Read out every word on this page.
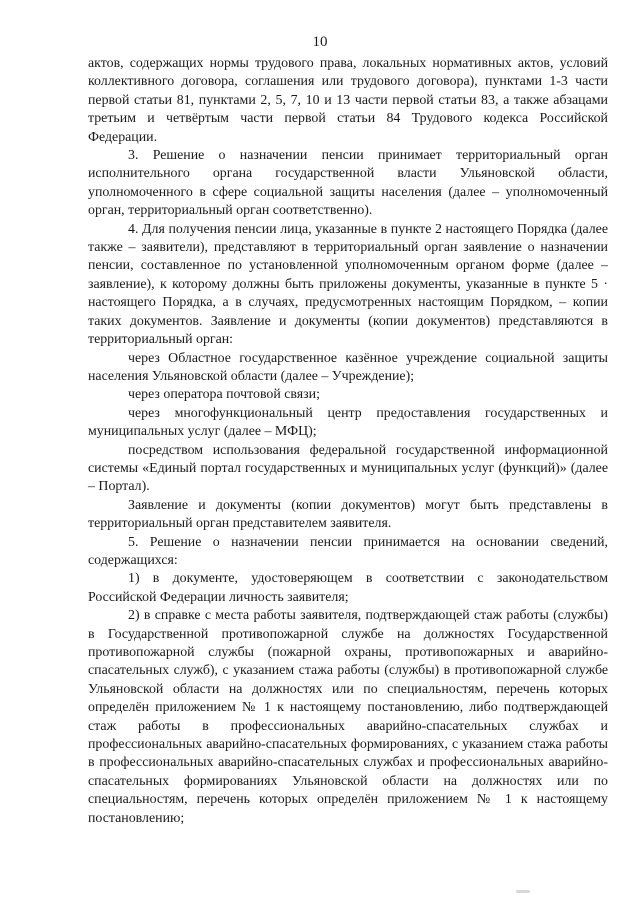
10

актов, содержащих нормы трудового права, локальных нормативных актов, условий коллективного договора, соглашения или трудового договора), пунктами 1-3 части первой статьи 81, пунктами 2, 5, 7, 10 и 13 части первой статьи 83, а также абзацами третьим и четвёртым части первой статьи 84 Трудового кодекса Российской Федерации.

3. Решение о назначении пенсии принимает территориальный орган исполнительного органа государственной власти Ульяновской области, уполномоченного в сфере социальной защиты населения (далее – уполномоченный орган, территориальный орган соответственно).

4. Для получения пенсии лица, указанные в пункте 2 настоящего Порядка (далее также – заявители), представляют в территориальный орган заявление о назначении пенсии, составленное по установленной уполномоченным органом форме (далее – заявление), к которому должны быть приложены документы, указанные в пункте 5 · настоящего Порядка, а в случаях, предусмотренных настоящим Порядком, – копии таких документов. Заявление и документы (копии документов) представляются в территориальный орган:

через Областное государственное казённое учреждение социальной защиты населения Ульяновской области (далее – Учреждение);

через оператора почтовой связи;

через многофункциональный центр предоставления государственных и муниципальных услуг (далее – МФЦ);

посредством использования федеральной государственной информационной системы «Единый портал государственных и муниципальных услуг (функций)» (далее – Портал).

Заявление и документы (копии документов) могут быть представлены в территориальный орган представителем заявителя.

5. Решение о назначении пенсии принимается на основании сведений, содержащихся:

1) в документе, удостоверяющем в соответствии с законодательством Российской Федерации личность заявителя;

2) в справке с места работы заявителя, подтверждающей стаж работы (службы) в Государственной противопожарной службе на должностях Государственной противопожарной службы (пожарной охраны, противопожарных и аварийно-спасательных служб), с указанием стажа работы (службы) в противопожарной службе Ульяновской области на должностях или по специальностям, перечень которых определён приложением № 1 к настоящему постановлению, либо подтверждающей стаж работы в профессиональных аварийно-спасательных службах и профессиональных аварийно-спасательных формированиях, с указанием стажа работы в профессиональных аварийно-спасательных службах и профессиональных аварийно-спасательных формированиях Ульяновской области на должностях или по специальностям, перечень которых определён приложением № 1 к настоящему постановлению;
